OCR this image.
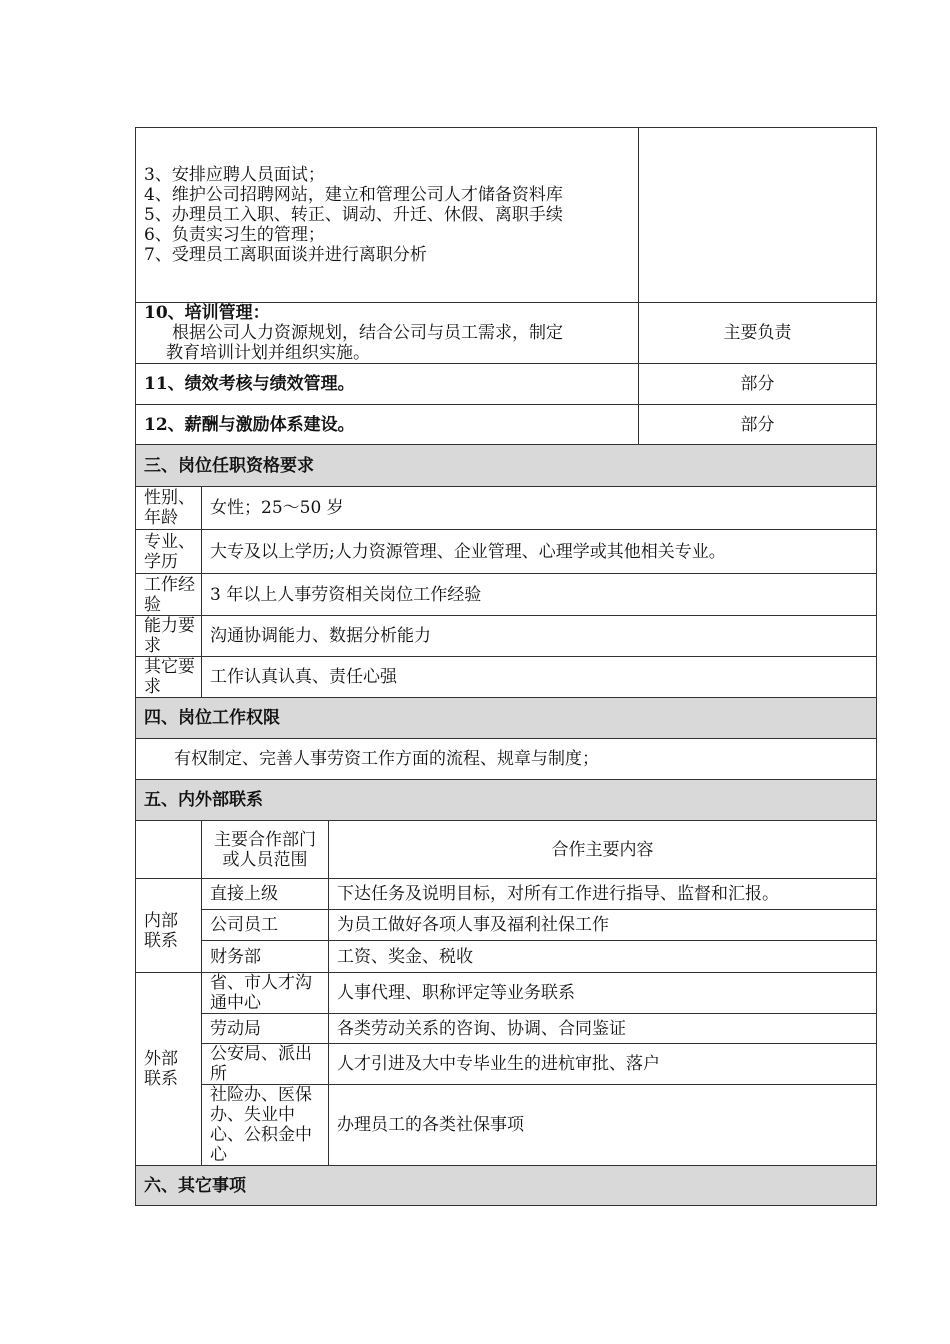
3、安排应聘人员面试；
4、维护公司招聘网站，建立和管理公司人才储备资料库
5、办理员工入职、转正、调动、升迁、休假、离职手续
6、负责实习生的管理；
7、受理员工离职面谈并进行离职分析			

10、培训管理：
根据公司人力资源规划，结合公司与员工需求，制定
教育培训计划并组织实施。			主要负责
11、绩效考核与绩效管理。			部分
12、薪酬与激励体系建设。			部分
三、岗位任职资格要求			
性别、年龄	女性；25～50 岁		
专业、学历	大专及以上学历;人力资源管理、企业管理、心理学或其他相关专业。		
工作经验	3 年以上人事劳资相关岗位工作经验		
能力要求	沟通协调能力、数据分析能力		
其它要求	工作认真认真、责任心强		
四、岗位工作权限			
有权制定、完善人事劳资工作方面的流程、规章与制度；			
五、内外部联系			
	主要合作部门或人员范围	合作主要内容	
内部联系	直接上级	下达任务及说明目标，对所有工作进行指导、监督和汇报。	
	公司员工	为员工做好各项人事及福利社保工作	
	财务部	工资、奖金、税收	
外部联系	省、市人才沟通中心	人事代理、职称评定等业务联系	
	劳动局	各类劳动关系的咨询、协调、合同鉴证	
	公安局、派出所	人才引进及大中专毕业生的进杭审批、落户	
	社险办、医保办、失业中心、公积金中心	办理员工的各类社保事项	
六、其它事项			
